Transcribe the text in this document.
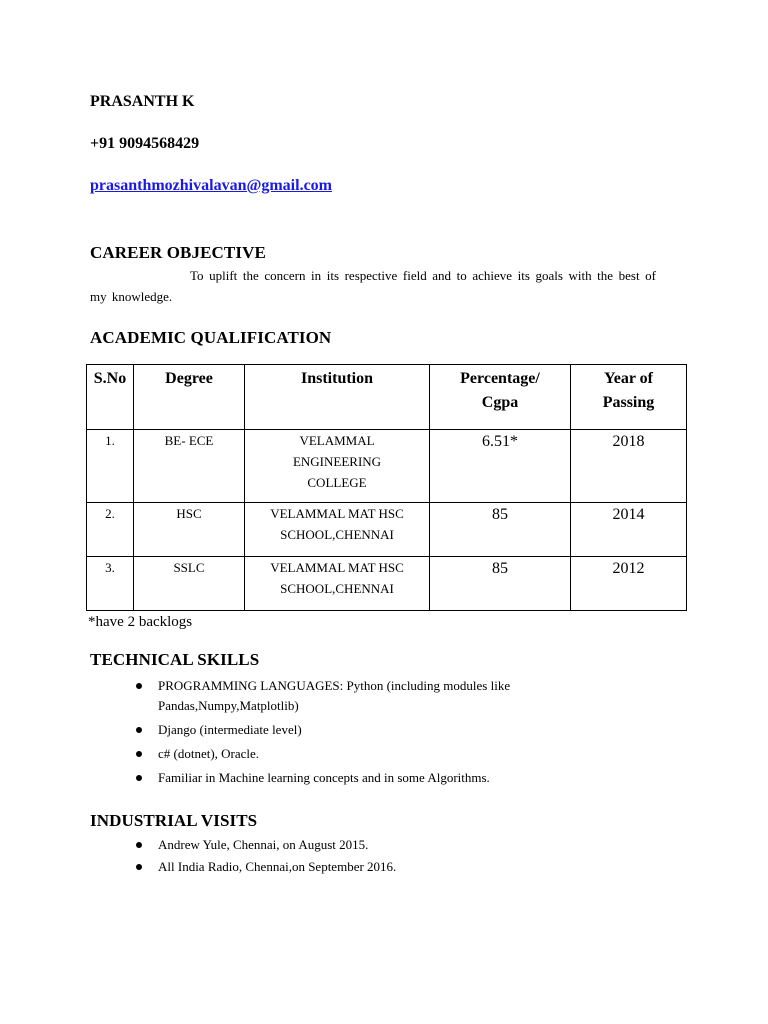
PRASANTH K
+91 9094568429
prasanthmozhivalavan@gmail.com
CAREER OBJECTIVE
To uplift the concern in its respective field and to achieve its goals with the best of my knowledge.
ACADEMIC QUALIFICATION
S.No	Degree	Institution	Percentage/ Cgpa	Year of Passing
1.	BE- ECE	VELAMMAL ENGINEERING COLLEGE	6.51*	2018
2.	HSC	VELAMMAL MAT HSC SCHOOL,CHENNAI	85	2014
3.	SSLC	VELAMMAL MAT HSC SCHOOL,CHENNAI	85	2012
*have 2 backlogs
TECHNICAL SKILLS
PROGRAMMING LANGUAGES: Python (including modules like Pandas,Numpy,Matplotlib)
Django (intermediate level)
c# (dotnet), Oracle.
Familiar in Machine learning concepts and in some Algorithms.
INDUSTRIAL VISITS
Andrew Yule, Chennai, on August 2015.
All India Radio, Chennai,on September 2016.
